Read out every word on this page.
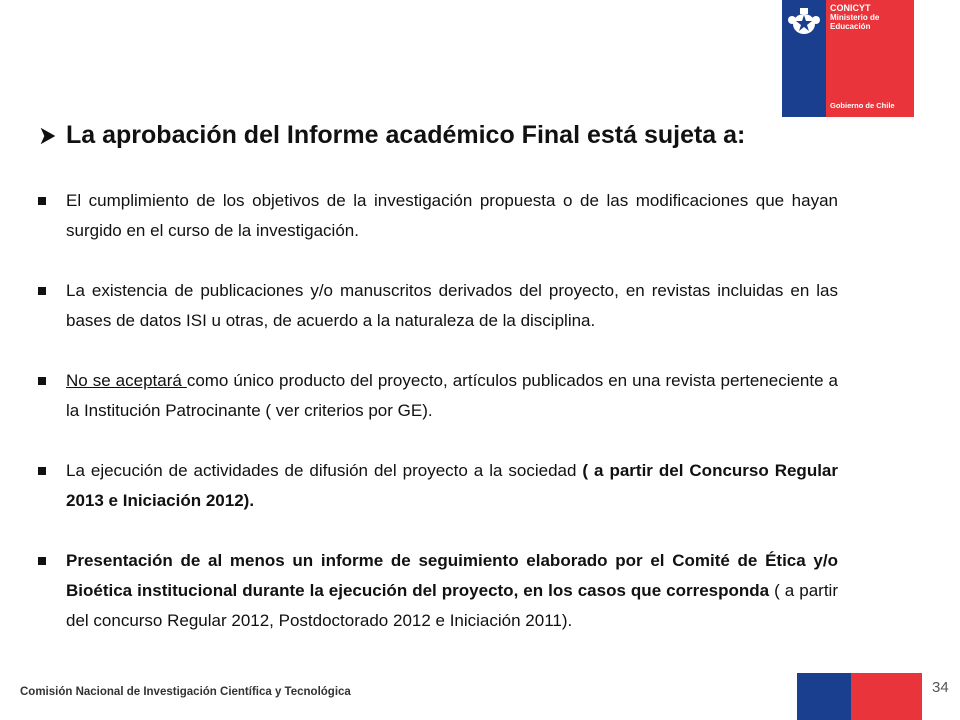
CONICYT
Ministerio de
Educación
Gobierno de Chile
La aprobación del Informe académico Final está sujeta a:
El cumplimiento de los objetivos de la investigación propuesta o de las modificaciones que hayan surgido en el curso de la investigación.
La existencia de publicaciones y/o manuscritos derivados del proyecto, en revistas incluidas en las bases de datos ISI u otras, de acuerdo a la naturaleza de la disciplina.
No se aceptará como único producto del proyecto, artículos publicados en una revista perteneciente a la Institución Patrocinante ( ver criterios por GE).
La ejecución de actividades de difusión del proyecto a la sociedad ( a partir del Concurso Regular 2013 e Iniciación 2012).
Presentación de al menos un informe de seguimiento elaborado por el Comité de Ética y/o Bioética institucional durante la ejecución del proyecto, en los casos que corresponda ( a partir del concurso Regular 2012, Postdoctorado 2012 e Iniciación 2011).
Comisión Nacional de Investigación Científica y Tecnológica	34
